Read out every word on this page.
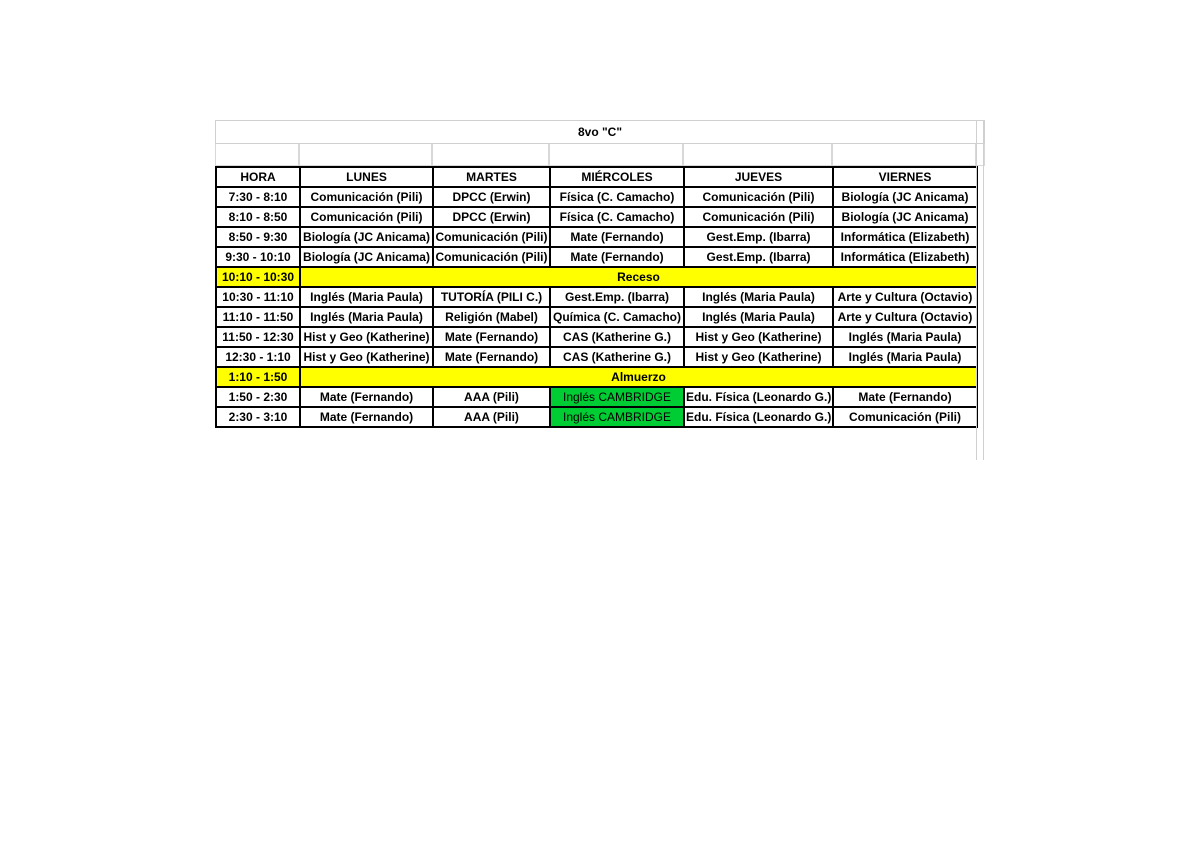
8vo "C"
HORA	LUNES	MARTES	MIÉRCOLES	JUEVES	VIERNES
7:30 - 8:10	Comunicación (Pili)	DPCC (Erwin)	Física (C. Camacho)	Comunicación (Pili)	Biología (JC Anicama)
8:10 - 8:50	Comunicación (Pili)	DPCC (Erwin)	Física (C. Camacho)	Comunicación (Pili)	Biología (JC Anicama)
8:50 - 9:30	Biología (JC Anicama)	Comunicación (Pili)	Mate (Fernando)	Gest.Emp. (Ibarra)	Informática (Elizabeth)
9:30 - 10:10	Biología (JC Anicama)	Comunicación (Pili)	Mate (Fernando)	Gest.Emp. (Ibarra)	Informática (Elizabeth)
10:10 - 10:30	Receso				
10:30 - 11:10	Inglés (Maria Paula)	TUTORÍA (PILI C.)	Gest.Emp. (Ibarra)	Inglés (Maria Paula)	Arte y Cultura (Octavio)
11:10 - 11:50	Inglés (Maria Paula)	Religión (Mabel)	Química (C. Camacho)	Inglés (Maria Paula)	Arte y Cultura (Octavio)
11:50 - 12:30	Hist y Geo (Katherine)	Mate (Fernando)	CAS (Katherine G.)	Hist y Geo (Katherine)	Inglés (Maria Paula)
12:30 - 1:10	Hist y Geo (Katherine)	Mate (Fernando)	CAS (Katherine G.)	Hist y Geo (Katherine)	Inglés (Maria Paula)
1:10 - 1:50	Almuerzo				
1:50 - 2:30	Mate (Fernando)	AAA (Pili)	Inglés CAMBRIDGE	Edu. Física (Leonardo G.)	Mate (Fernando)
2:30 - 3:10	Mate (Fernando)	AAA (Pili)	Inglés CAMBRIDGE	Edu. Física (Leonardo G.)	Comunicación (Pili)
